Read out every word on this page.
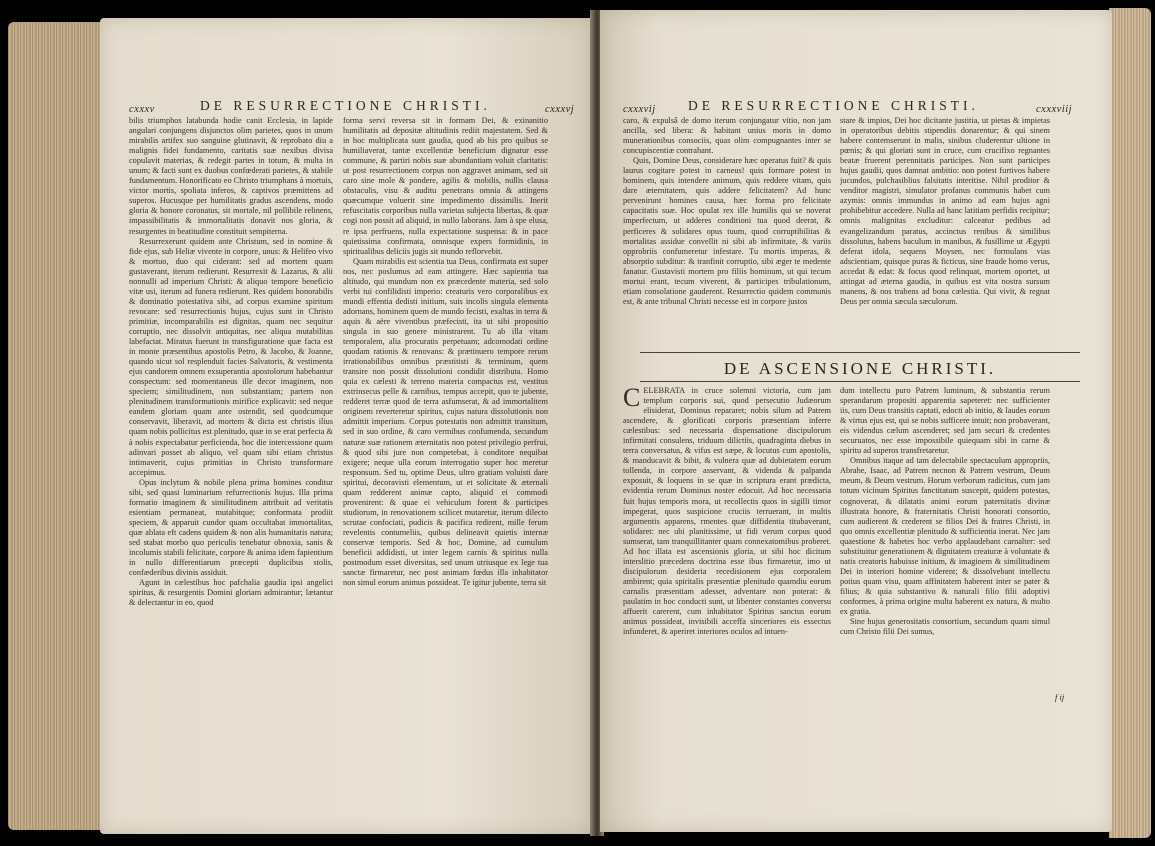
cxxxv	DE RESURRECTIONE CHRISTI.	cxxxvj

bilis triumphos latabunda hodie canit Ecclesia, in lapide angulari conjungens disjunctos olim parietes, quos in unum mirabilis artifex suo sanguine glutinavit, & reprobato diu a malignis fidei fundamento, caritatis suæ nexibus divisa copulavit materias, & redegit partes in totum, & multa in unum; & facti sunt ex duobus confœderati parietes, & stabile fundamentum. Honorificato eo Christo triumphans à mortuis, victor mortis, spoliata inferos, & captivos præmittens ad superos. Hucusque per humilitatis gradus ascendens, modo gloria & honore coronatus, sit mortale, nil pollibile relinens, impassibilitatis & immortalitatis donavit nos gloria, & resurgentes in beatitudine constituit sempiterna.

Resurrexerunt quidem ante Christum, sed in nomine & fide ejus, sub Heliæ vivente in corpore, unus: & Helifeo vivo & mortuo, duo qui ciderant: sed ad mortem quam gustaverant, iterum redierunt. Resurrexit & Lazarus, & alii nonnulli ad imperium Christi: & aliquo tempore beneficio vitæ usi, iterum ad funera redierunt. Res quidem honorabilis & dominatio potestativa sibi, ad corpus examine spiritum revocare: sed resurrectionis hujus, cujus sunt in Christo primitiæ, incomparabilis est dignitas, quam nec sequitur corruptio, nec dissolvit antiquitas, nec aliqua mutabilitas labefactat. Miratus fuerunt in transfiguratione quæ facta est in monte præsentibus apostolis Petro, & Jacobo, & Joanne, quando sicut sol resplenduit facies Salvatoris, & vestimenta ejus candorem omnem exsuperantia apostolorum habebantur conspectum: sed momentaneus ille decor imaginem, non speciem; similitudinem, non substantiam; partem non plenitudinem transformationis mirifice explicavit: sed neque eandem gloriam quam ante ostendit, sed quodcumque conservavit, liberavit, ad mortem & dicta est christis ilius quam nobis pollicitus est plenitudo, quæ in se erat perfecta & à nobis expectabatur perficienda, hoc die intercessione quam adinvari posset ab aliquo, vel quam sibi etiam christus intimaverit, cujus primitias in Christo transformare accepimus.

Opus inclytum & nobile plena prima homines conditur sibi, sed quasi luminarium refurrectionis hujus. Illa prima formatio imaginem & similitudinem attribuit ad veritatis esientiam permaneat, mutabitque; conformata prodiit speciem, & apparuit cundor quam occultabat immortalitas, quæ ablata eft cadens quidem & non alis humanitatis natura; sed stabat morbo quo periculis tenebatur obnoxia, sanis & incolumis stabili felicitate, corpore & anima idem fapientium in nullo differentiarum præcepti duplicibus stolis, confæderibus divinis assiduit.

Agunt in cælestibus hoc pafchalia gaudia ipsi angelici spiritus, & resurgentis Domini gloriam admirantur; lætantur & delectantur in eo, quod

forma servi reversa sit in formam Dei, & exinanitio humilitatis ad depositæ altitudinis rediit majestatem. Sed & in hoc multiplicata sunt gaudia, quod ab his pro quibus se humiliaverat, tantæ excellentiæ beneficium dignatur esse commune, & partiri nobis suæ abundantiam voluit claritatis: ut post resurrectionem corpus non aggravet animam, sed sit caro sine mole & pondere, agilis & mobilis, nullis clausa obstaculis, visu & auditu penetrans omnia & attingens quæcumque voluerit sine impedimento dissimilis. Inerit refuscitatis corporibus nulla varietas subjecta libertas, & quæ cogi non possit ad aliquid, in nullo laborans. Jam à spe elusa, re ipsa perfruens, nulla expectatione suspensa: & in pace quietissima confirmata, omnisque expers formidinis, in spiritualibus deliciis jugis sit mundo reflorvebit.

Quam mirabilis est scientia tua Deus, confirmata est super nos, nec poslumus ad eam attingere. Hæc sapientia tua altitudo, qui mundum non ex præcedente materia, sed solo verbi tui confilidisti imperio: creaturis vero corporalibus ex mundi effentia dedisti initium, suis incolis singula elementa adornans, hominem quem de mundo fecisti, exaltas in terra & aquis & aëre viventibus præfecisti, ita ut sibi propositio singula in suo genere ministrarent. Tu ab illa vitam temporalem, alia procuratis perpetuam; adcomodati ordine quodam rationis & renovans: & prætinuero tempore rerum irrationabilibus omnibus præstitisti & terminum, quem transire non possit dissolutioni condidit distributa. Homo quia ex cælesti & terreno materia compactus est, vestitus extrinsecus pelle & carnibus, tempus accepit, quo te jubente, redderet terræ quod de terra asfumserat, & ad immortalitem originem reverteretur spiritus, cujus natura dissolutionis non admittit imperium. Corpus potestatis non admittit transitum, sed in suo ordine, & caro vermibus confumenda, secundum naturæ suæ rationem æternitatis non potest privilegio perfrui, & quod sibi jure non competebat, à conditore nequibat exigere; neque ulla eorum interrogatio super hoc meretur responsum. Sed tu, optime Deus, ultro gratiam voluisti dare spiritui, decoravisti elementum, ut et solicitate & æternali quam redderent animæ capto, aliquid ei commodi provenirent: & quae ei vehiculum forent & participes studiorum, in renovationem scilicet mutaretur, iterum dilecto scrutae confociati, pudicis & pacifica redirent, mille ferum revelentis contumeliis, quibus delineavit quietis internæ conservæ temporis. Sed & hoc, Domine, ad cumulum beneficii addidisti, ut inter legem carnis & spiritus nulla postmodum esset diversitas, sed unum utriusque ex lege tua sanctæ firmaretur, nec post animam fœdus illa inhabitator non simul eorum animus possideat. Te igitur jubente, terra sit

cxxxvij DE RESURRECTIONE CHRISTI.	cxxxviij

caro, & expulsâ de domo iterum conjungatur vitio, non jam ancilla, sed libera: & habitant unius moris in domo munerationibus consociis, quas olim compugnantes inter se concupiscentiæ contrahant.

Quis, Domine Deus, considerare hæc operatus fuit? & quis laurus cogitare potest in carneus! quis formare potest in hominem, quis intendere animum, quis reddere vitam, quis dare æternitatem, quis addere felicitatem? Ad hunc pervenirunt homines causa, hæc forma pro felicitate capacitatis suæ. Hoc opulat rex ille humilis qui se noverat imperfectum, ut adderes conditioni tua quod deerat, & perficeres & solidares opus tuum, quod corruptibilitas & mortalitas assidue convellit ni sibi ab infirmitate, & variis opprobriis confumeretur infestare. Tu mortis imperas, & absorptio subditur: & tranfinit corruptio, sibi æger te medente fanatur. Gustavisti mortem pro filiis hominum, ut qui tecum mortui erant, tecum viverent, & participes tribulationum, etiam consolatione gauderent. Resurrectio quidem communis est, & ante tribunal Christi necesse est in corpore justos

stare & impios, Dei hoc dicitante justitia, ut pietas & impietas in operatoribus debitis stipendiis donarentur; & qui sinem habere contemserunt in malis, sinibus cluderentur ultione in pœnis; & qui gloriati sunt in cruce, cum crucifixo regnantes beatæ fruerent perennitatis participes. Non sunt participes hujus gaudii, quos damnat ambitio: non potest furtivos habere jucundos, pulchasiblius falsitatis interitise. Nihil proditor & venditor magistri, simulator profanus communis habet cum azymis: omnis immundus in animo ad eam hujus agni prohibebitur accedere. Nulla ad hanc latitiam perfidis recipitur; omnis malignitas excluditur: calceatur pedibus ad evangelizandum paratus, accinctus renibus & similibus dissolutus, habens baculum in manibus, & fusillime ut Ægypti deferat idola, sequens Moysen, nec formulans vias adscientiam, quisque puras & ficticus, sine fraude homo verus, accedat & edat: & focus quod relinquat, mortem oportet, ut attingat ad æterna gaudia, in quibus est vita nostra sursum manens, & nos trabens ad bona cælestia. Qui vivit, & regnat Deus per omnia sæcula sæculorum.

DE ASCENSIONE CHRISTI.

CELEBRATA in cruce solemni victoria, cum jam templum corporis sui, quod persecutio Judæorum elisiderat, Dominus repararet; nobis silum ad Patrem ascendere, & glorificati corporis præsentiam inferre cælestibus: sed necessaria dispensatione discipulorum infirmitati consulens, triduum dilictiis, quadraginta diebus in terra conversatus, & vifus est sæpe, & locutus cum apostolis, & manducavit & bibit, & vulnera quæ ad dubietatem eorum tollenda, in corpore asservant, & videnda & palpanda exposuit, & loquens in se quæ in scriptura erant prædicta, evidentia rerum Dominus noster edocuit. Ad hoc necessaria fuit hujus temporis mora, ut recollectis quos in sigilli timor impegerat, quos suspicione cruciis terruerant, in multis argumentis apparens, rmentes quæ diffidentia titubaverant, solidaret: nec ubi planitissime, ut fidi verum corpus quod sumserat, tam tranquillitanter quam connexatomibus proberet. Ad hoc illata est ascensionis gloria, ut sibi hoc dicitum interslitio præcedens doctrina esse ibus firmaretur, imo ut discipulorum desideria recedisionem ejus corporalem ambirent; quia spiritalis præsentiæ plenitudo quamdiu eorum carnalis præsentiam adesset, adventare non poterat: & paulatim in hoc conducti sunt, ut libenter constantes conversu affuerit carerent, cum inhabitator Spiritus sanctus eorum animus possideat, invisibili acceffa sinceriores eis essectus infunderet, & aperiret interiores oculos ad intuen-

dum intellectu puro Patrem luminum, & substantia rerum sperandarum propositi apparentia sapeteret: nec sufficienter iis, cum Deus transitis captati, edocti ab initio, & laudes eorum & virtus ejus est, qui se nobis sufficere intuit; non probaverant, eis videndus cælum ascenderet; sed jam securi & credentes securuatos, nec esse impossibile quiequam sibi in carne & spiritu ad superos transfretaretur.

Omnibus itaque ad tam delectabile spectaculum appropriis, Abrahe, Isaac, ad Patrem necnon & Patrem vestrum, Deum meum, & Deum vestrum. Horum verborum radicitus, cum jam totum vicinum Spiritus fanctitatum suscepit, quidem potestas, cognoverat, & dilatatis animi eorum paternitatis divinæ illustrata honore, & fraternitatis Christi honorati consortio, cum audierent & crederent se filios Dei & fratres Christi, in quo omnis excellentiæ plenitudo & sufficientia inerat. Nec jam quaestione & habetes hoc verbo applaudebant carnalter: sed substituitur generationem & dignitatem creaturæ à voluntate & natis creatoris habuisse initium, & imaginem & similitudinem Dei in interiori homine viderent; & dissolvebant intellectu potius quam visu, quam affinitatem haberent inter se pater & filius; & quia substantivo & naturali filio filii adoptivi conformes, à prima origine multa haberent ex natura, & multo ex gratia.

Sine hujus generositatis consortium, secundum quam simul cum Christo filii Dei sumus,

f ij
